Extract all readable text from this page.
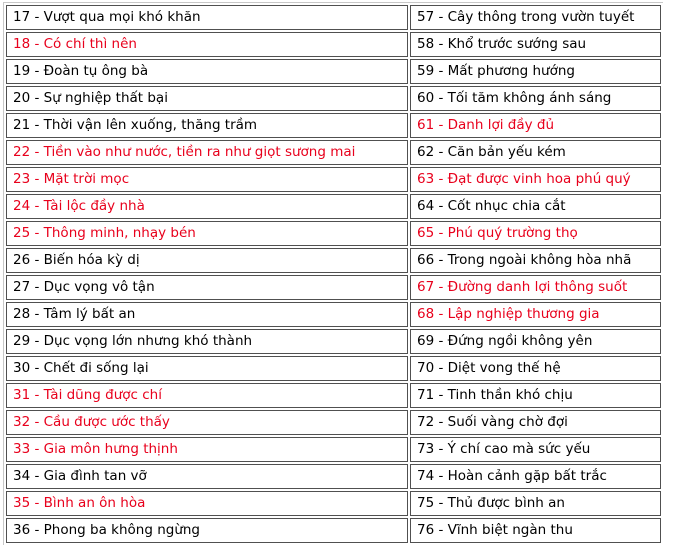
17 - Vượt qua mọi khó khăn	57 - Cây thông trong vườn tuyết
18 - Có chí thì nên	58 - Khổ trước sướng sau
19 - Đoàn tụ ông bà	59 - Mất phương hướng
20 - Sự nghiệp thất bại	60 - Tối tăm không ánh sáng
21 - Thời vận lên xuống, thăng trầm	61 - Danh lợi đầy đủ
22 - Tiền vào như nước, tiền ra như giọt sương mai	62 - Căn bản yếu kém
23 - Mặt trời mọc	63 - Đạt được vinh hoa phú quý
24 - Tài lộc đầy nhà	64 - Cốt nhục chia cắt
25 - Thông minh, nhạy bén	65 - Phú quý trường thọ
26 - Biến hóa kỳ dị	66 - Trong ngoài không hòa nhã
27 - Dục vọng vô tận	67 - Đường danh lợi thông suốt
28 - Tâm lý bất an	68 - Lập nghiệp thương gia
29 - Dục vọng lớn nhưng khó thành	69 - Đứng ngồi không yên
30 - Chết đi sống lại	70 - Diệt vong thế hệ
31 - Tài dũng được chí	71 - Tinh thần khó chịu
32 - Cầu được ước thấy	72 - Suối vàng chờ đợi
33 - Gia môn hưng thịnh	73 - Ý chí cao mà sức yếu
34 - Gia đình tan vỡ	74 - Hoàn cảnh gặp bất trắc
35 - Bình an ôn hòa	75 - Thủ được bình an
36 - Phong ba không ngừng	76 - Vĩnh biệt ngàn thu
